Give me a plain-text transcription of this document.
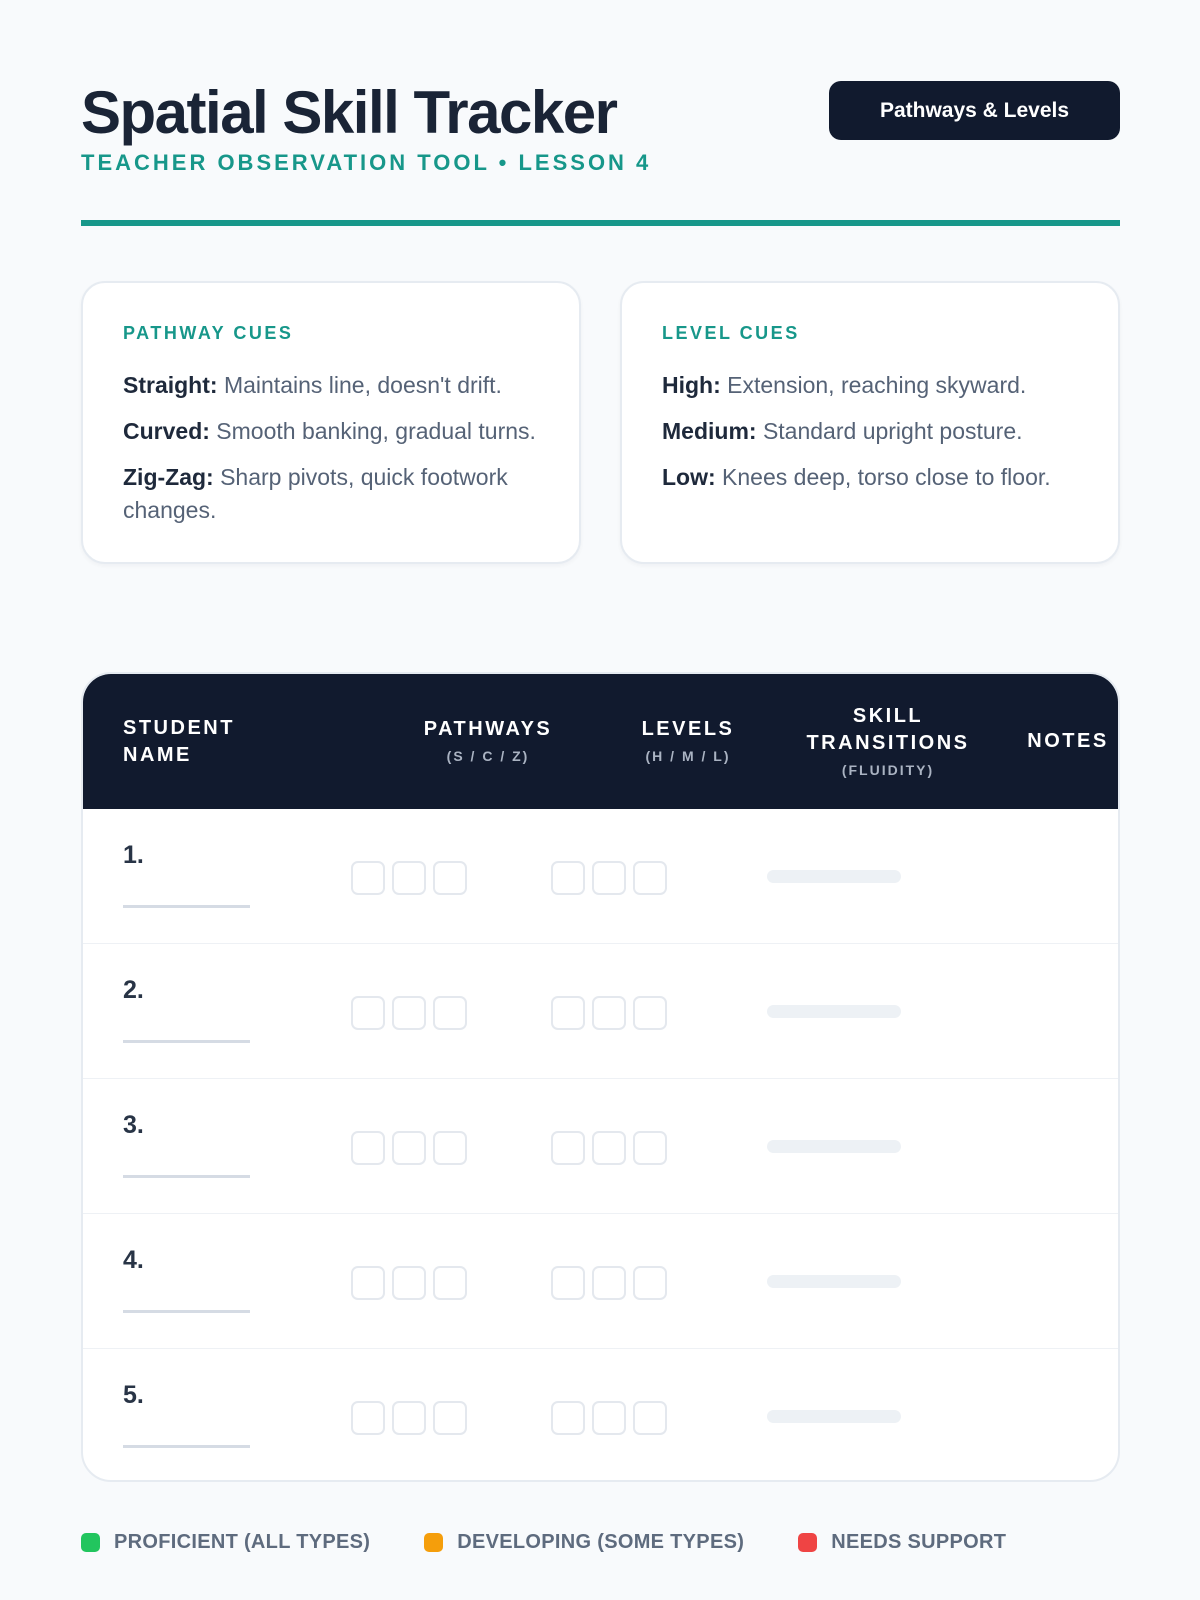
Spatial Skill Tracker
TEACHER OBSERVATION TOOL • LESSON 4
Pathways & Levels
PATHWAY CUES

Straight: Maintains line, doesn't drift.

Curved: Smooth banking, gradual turns.

Zig-Zag: Sharp pivots, quick footwork changes.

LEVEL CUES

High: Extension, reaching skyward.

Medium: Standard upright posture.

Low: Knees deep, torso close to floor.

STUDENT
NAME
PATHWAYS
(S / C / Z)
LEVELS
(H / M / L)
SKILL
TRANSITIONS
(FLUIDITY)
NOTES
1.
2.
3.
4.
5.
PROFICIENT (ALL TYPES)	DEVELOPING (SOME TYPES)	NEEDS SUPPORT
